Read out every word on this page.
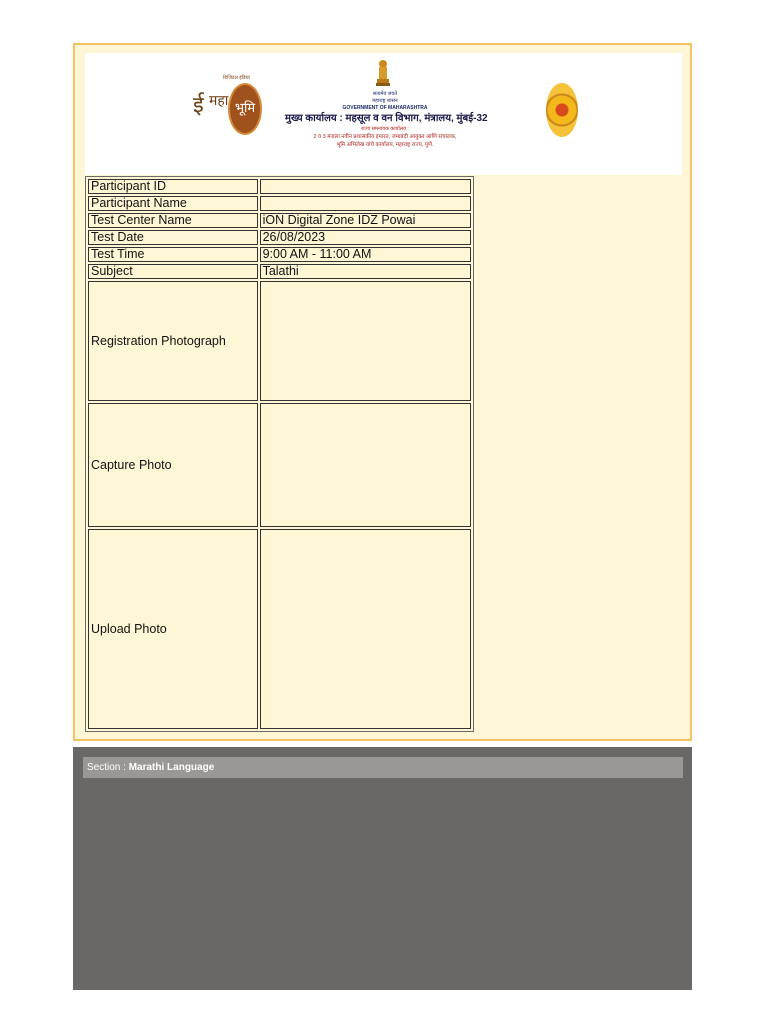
डिजिटल इंडिया
ई महा भूमि
सत्यमेव जयते
महाराष्ट्र शासन
GOVERNMENT OF MAHARASHTRA
मुख्य कार्यालय : महसूल व वन विभाग, मंत्रालय, मुंबई-32
राज्य समन्वयक कार्यालय :
2 व 3 मजला नवीन प्रशासकीय इमारत, जमाबंदी आयुक्त आणि संचालक,
भूमि अभिलेख यांचे कार्यालय, महाराष्ट्र राज्य, पुणे.
Participant ID	
Participant Name	
Test Center Name	iON Digital Zone IDZ Powai
Test Date	26/08/2023
Test Time	9:00 AM - 11:00 AM
Subject	Talathi
Registration Photograph	
Capture Photo	
Upload Photo	
Section : Marathi Language
